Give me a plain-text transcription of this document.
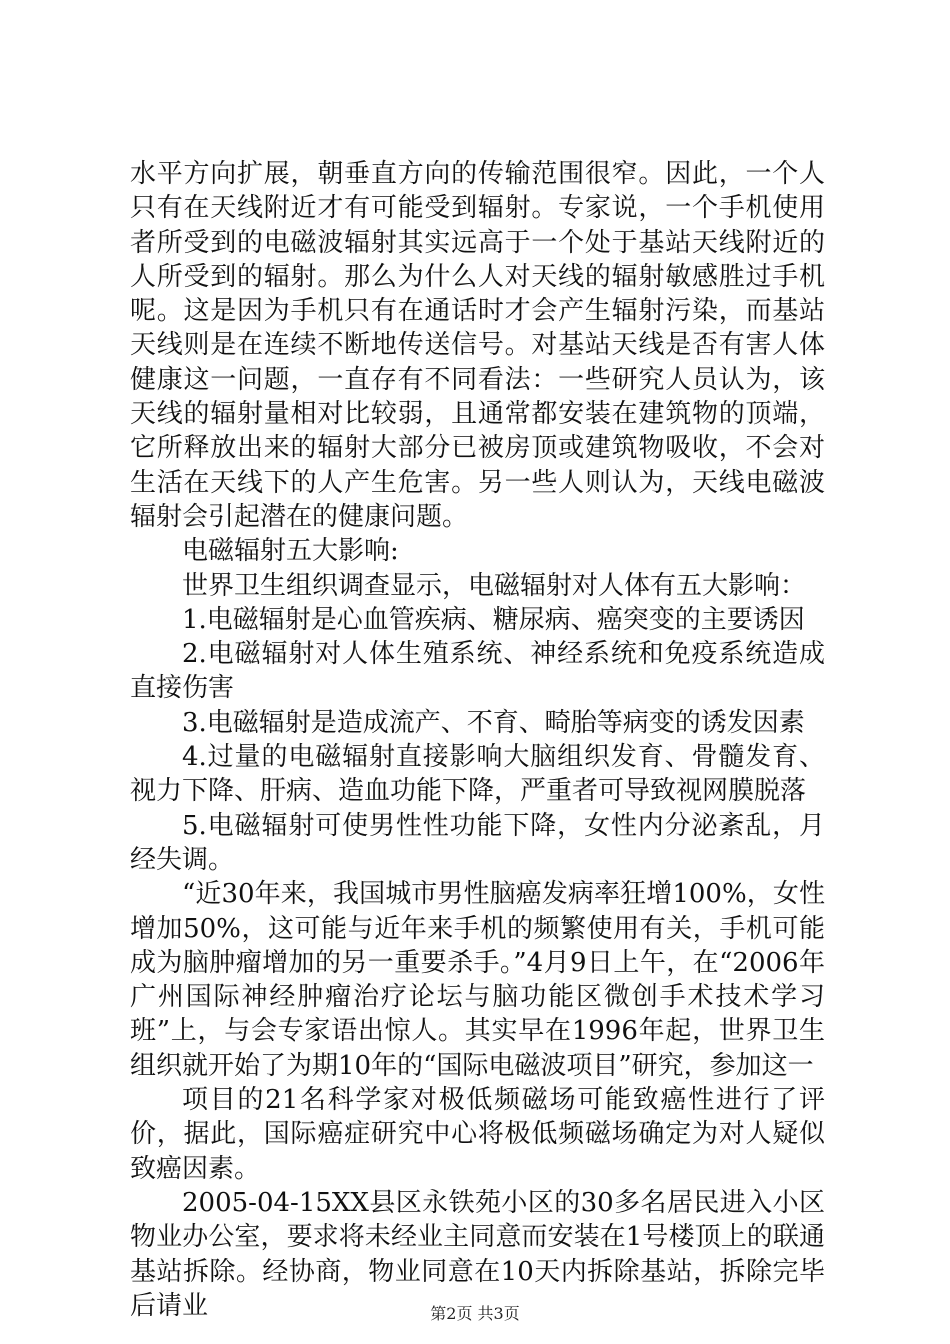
水平方向扩展，朝垂直方向的传输范围很窄。因此，一个人只有在天线附近才有可能受到辐射。专家说，一个手机使用者所受到的电磁波辐射其实远高于一个处于基站天线附近的人所受到的辐射。那么为什么人对天线的辐射敏感胜过手机呢。这是因为手机只有在通话时才会产生辐射污染，而基站天线则是在连续不断地传送信号。对基站天线是否有害人体健康这一问题，一直存有不同看法：一些研究人员认为，该天线的辐射量相对比较弱，且通常都安装在建筑物的顶端，它所释放出来的辐射大部分已被房顶或建筑物吸收，不会对生活在天线下的人产生危害。另一些人则认为，天线电磁波辐射会引起潜在的健康问题。

电磁辐射五大影响:

世界卫生组织调查显示，电磁辐射对人体有五大影响：

1.电磁辐射是心血管疾病、糖尿病、癌突变的主要诱因

2.电磁辐射对人体生殖系统、神经系统和免疫系统造成直接伤害

3.电磁辐射是造成流产、不育、畸胎等病变的诱发因素

4.过量的电磁辐射直接影响大脑组织发育、骨髓发育、视力下降、肝病、造血功能下降，严重者可导致视网膜脱落

5.电磁辐射可使男性性功能下降，女性内分泌紊乱，月经失调。

“近30年来，我国城市男性脑癌发病率狂增100%，女性增加50%，这可能与近年来手机的频繁使用有关，手机可能成为脑肿瘤增加的另一重要杀手。”4月9日上午，在“2006年广州国际神经肿瘤治疗论坛与脑功能区微创手术技术学习班”上，与会专家语出惊人。其实早在1996年起，世界卫生组织就开始了为期10年的“国际电磁波项目”研究，参加这一

项目的21名科学家对极低频磁场可能致癌性进行了评价，据此，国际癌症研究中心将极低频磁场确定为对人疑似致癌因素。

2005-04-15XX县区永铁苑小区的30多名居民进入小区物业办公室，要求将未经业主同意而安装在1号楼顶上的联通基站拆除。经协商，物业同意在10天内拆除基站，拆除完毕后请业	第2页 共3页
